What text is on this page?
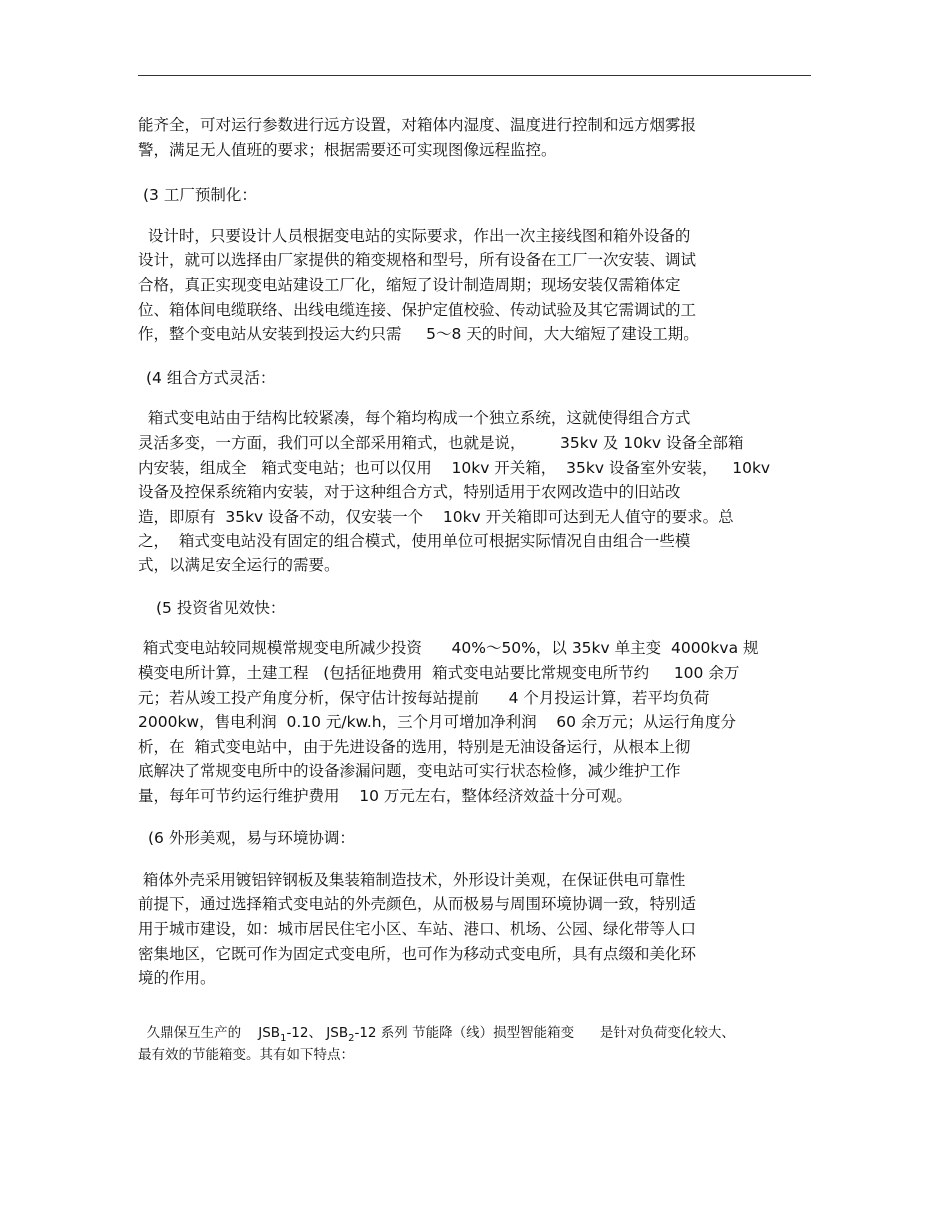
能齐全，可对运行参数进行远方设置，对箱体内湿度、温度进行控制和远方烟雾报
警，满足无人值班的要求；根据需要还可实现图像远程监控。
(3 工厂预制化：
设计时，只要设计人员根据变电站的实际要求，作出一次主接线图和箱外设备的
设计，就可以选择由厂家提供的箱变规格和型号，所有设备在工厂一次安装、调试
合格，真正实现变电站建设工厂化，缩短了设计制造周期；现场安装仅需箱体定
位、箱体间电缆联络、出线电缆连接、保护定值校验、传动试验及其它需调试的工
作，整个变电站从安装到投运大约只需     5～8 天的时间，大大缩短了建设工期。
(4 组合方式灵活：
箱式变电站由于结构比较紧凑，每个箱均构成一个独立系统，这就使得组合方式
灵活多变，一方面，我们可以全部采用箱式，也就是说，       35kv 及 10kv 设备全部箱
内安装，组成全   箱式变电站；也可以仅用    10kv 开关箱，  35kv 设备室外安装，   10kv
设备及控保系统箱内安装，对于这种组合方式，特别适用于农网改造中的旧站改
造，即原有  35kv 设备不动，仅安装一个    10kv 开关箱即可达到无人值守的要求。总
之，  箱式变电站没有固定的组合模式，使用单位可根据实际情况自由组合一些模
式，以满足安全运行的需要。
(5 投资省见效快：
箱式变电站较同规模常规变电所减少投资      40%～50%，以 35kv 单主变  4000kva 规
模变电所计算，土建工程   (包括征地费用  箱式变电站要比常规变电所节约     100 余万
元；若从竣工投产角度分析，保守估计按每站提前      4 个月投运计算，若平均负荷
2000kw，售电利润  0.10 元/kw.h，三个月可增加净利润    60 余万元；从运行角度分
析，在  箱式变电站中，由于先进设备的选用，特别是无油设备运行，从根本上彻
底解决了常规变电所中的设备渗漏问题，变电站可实行状态检修，减少维护工作
量，每年可节约运行维护费用    10 万元左右，整体经济效益十分可观。
(6 外形美观，易与环境协调：
箱体外壳采用镀铝锌钢板及集装箱制造技术，外形设计美观，在保证供电可靠性
前提下，通过选择箱式变电站的外壳颜色，从而极易与周围环境协调一致，特别适
用于城市建设，如：城市居民住宅小区、车站、港口、机场、公园、绿化带等人口
密集地区，它既可作为固定式变电所，也可作为移动式变电所，具有点缀和美化环
境的作用。
久鼎保互生产的    $JSB_1-12$、 $JSB_2-12$ 系列 节能降（线）损型智能箱变      是针对负荷变化较大、
最有效的节能箱变。其有如下特点：
